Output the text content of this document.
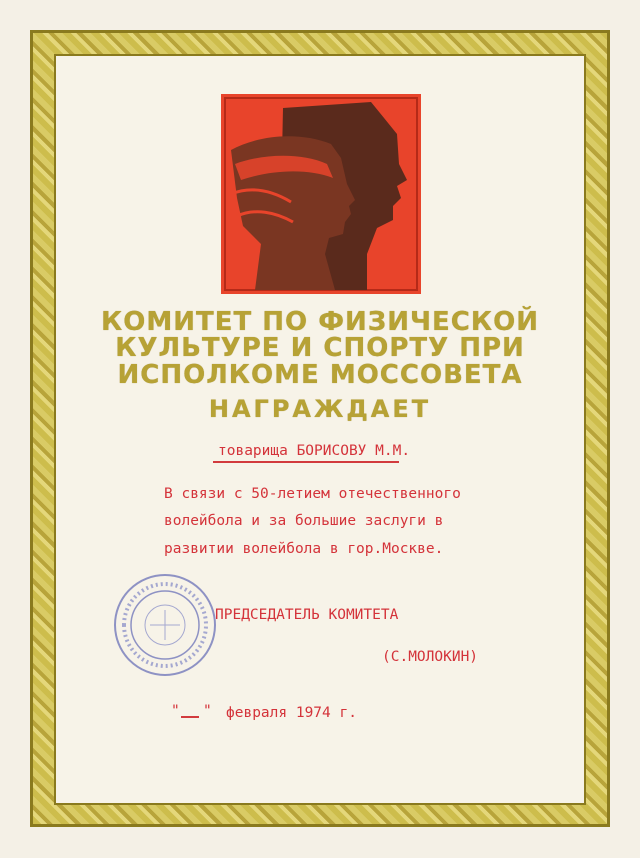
КОМИТЕТ ПО ФИЗИЧЕСКОЙ
КУЛЬТУРЕ И СПОРТУ ПРИ
ИСПОЛКОМЕ МОССОВЕТА
НАГРАЖДАЕТ
товарища БОРИСОВУ М.М.
В связи с 50-летием отечественного
волейбола и за большие заслуги в
развитии волейбола в гор.Москве.
ПРЕДСЕДАТЕЛЬ КОМИТЕТА
(С.МОЛОКИН)
" " февраля 1974 г.
